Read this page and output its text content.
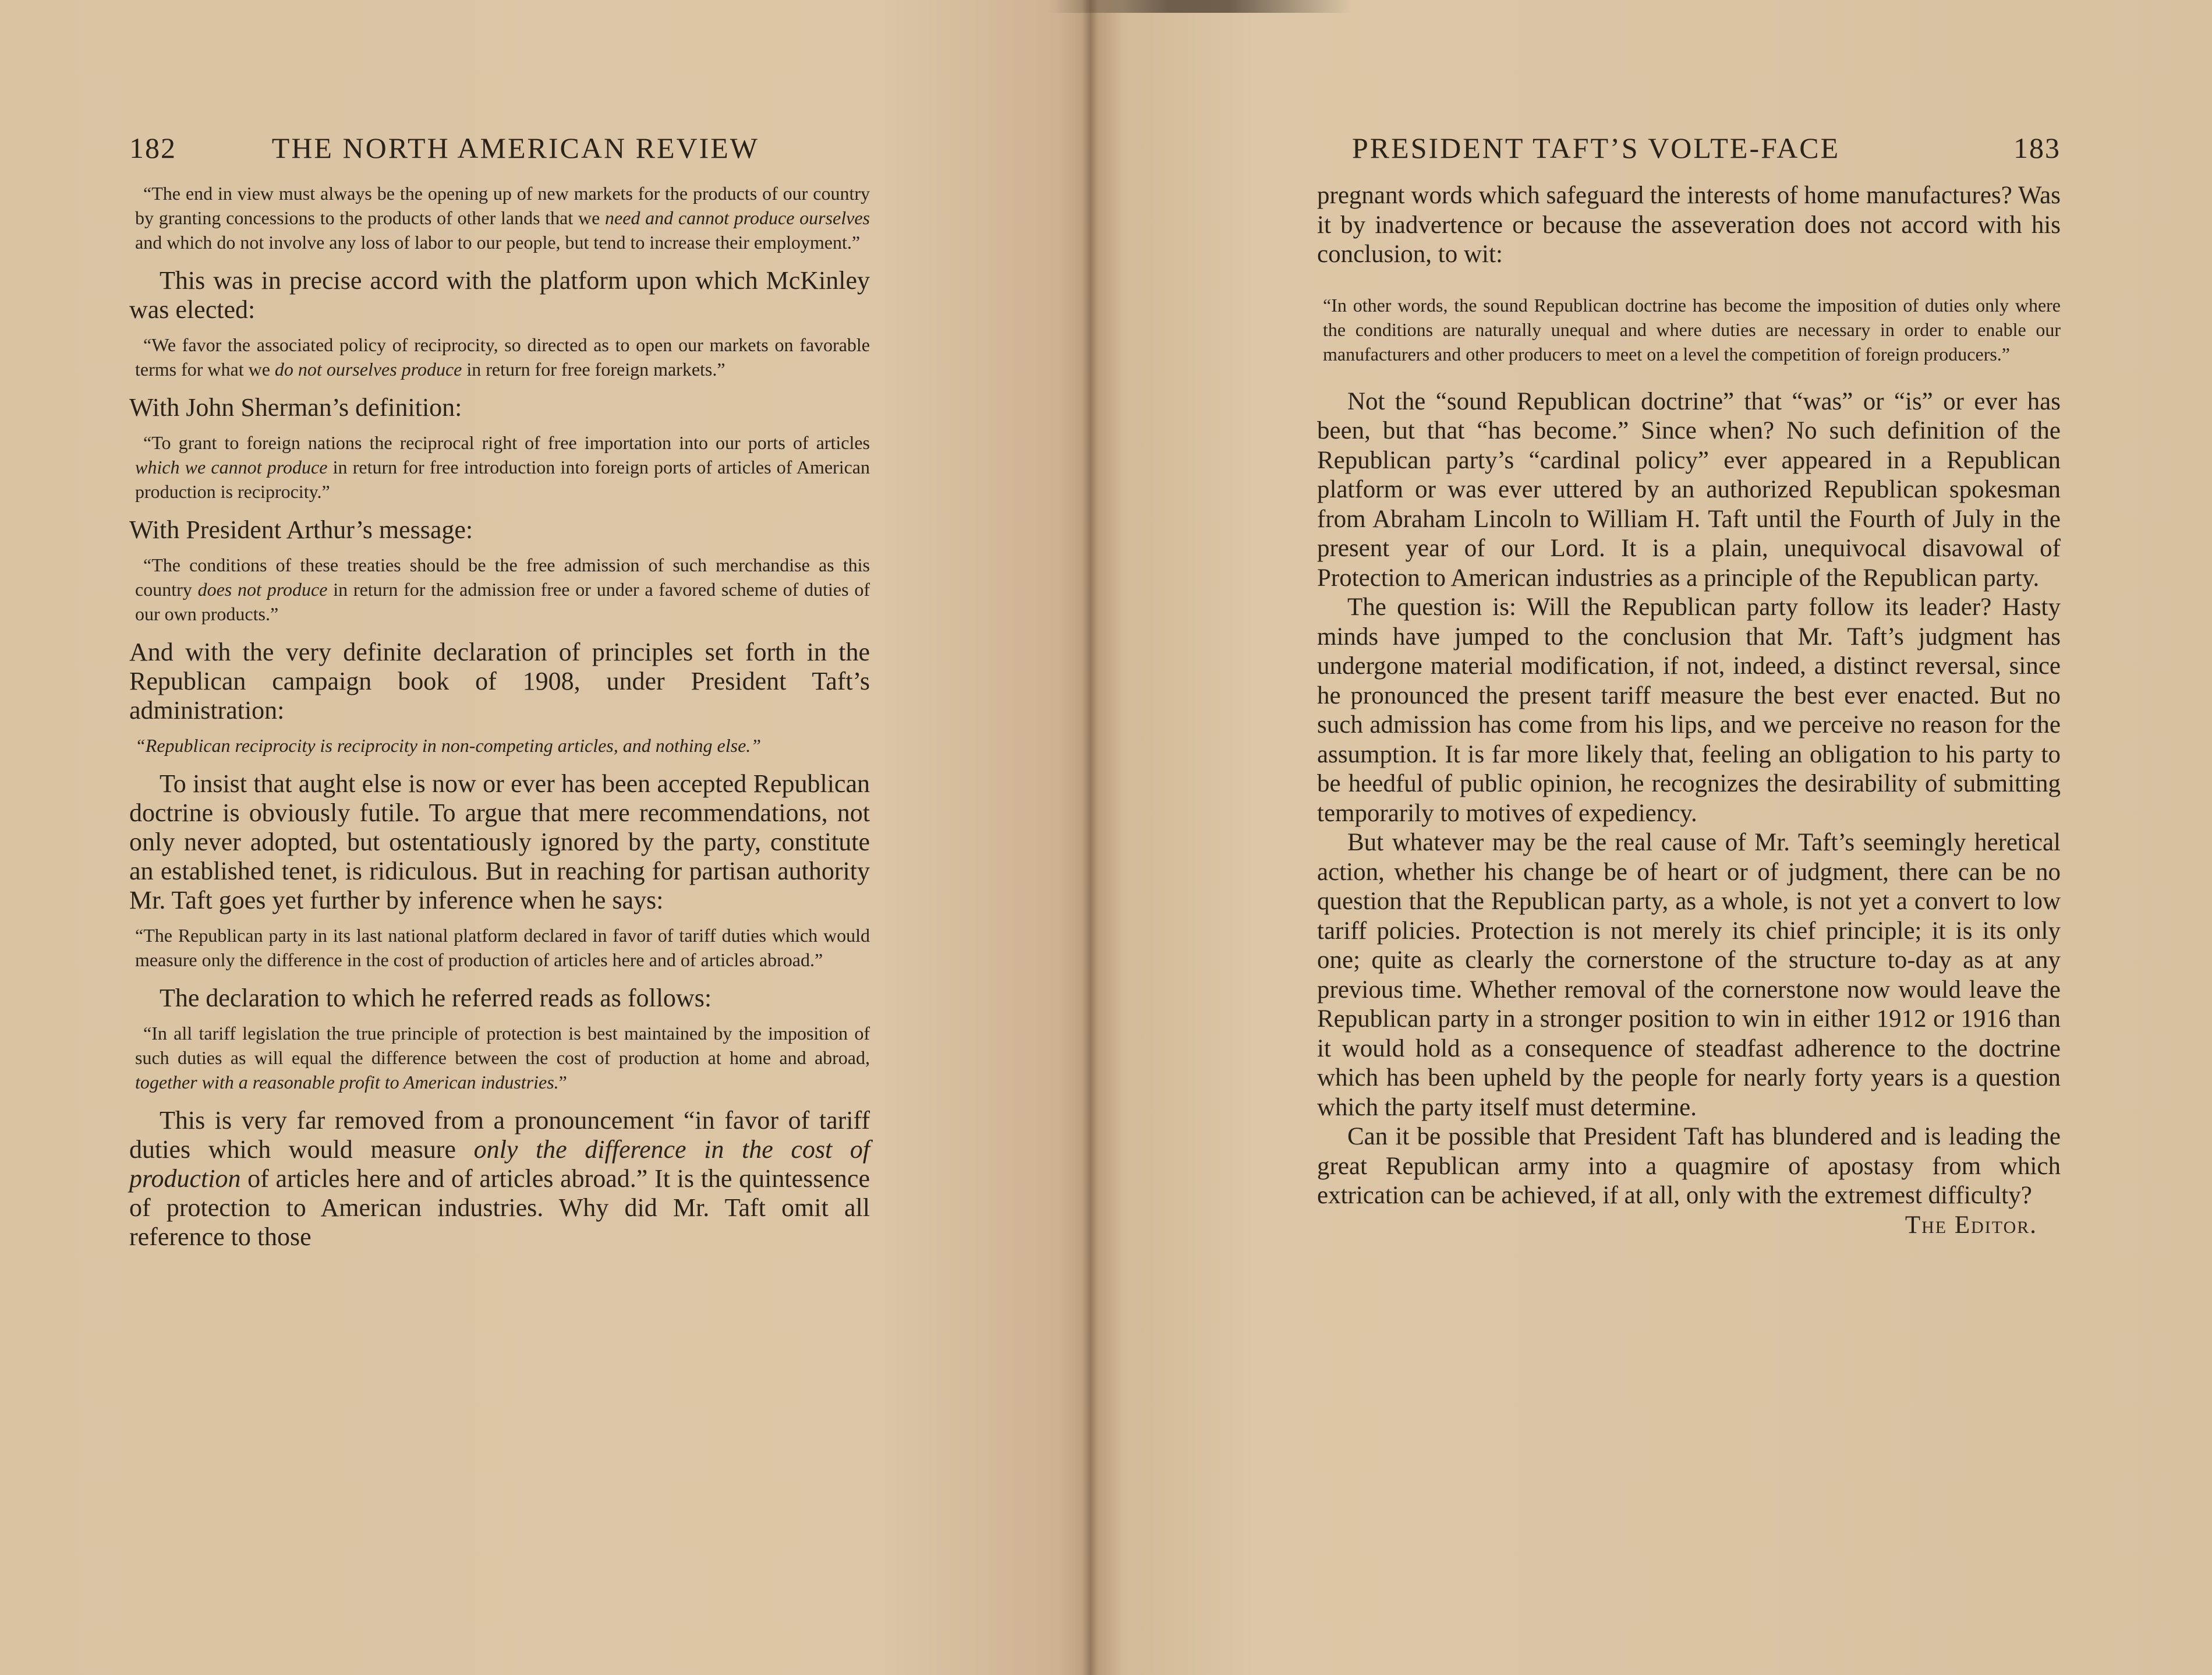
182	THE NORTH AMERICAN REVIEW

“The end in view must always be the opening up of new markets for the products of our country by granting concessions to the products of other lands that we need and cannot produce ourselves and which do not involve any loss of labor to our people, but tend to increase their employment.”

This was in precise accord with the platform upon which McKinley was elected:

“We favor the associated policy of reciprocity, so directed as to open our markets on favorable terms for what we do not ourselves produce in return for free foreign markets.”

With John Sherman’s definition:

“To grant to foreign nations the reciprocal right of free importation into our ports of articles which we cannot produce in return for free introduction into foreign ports of articles of American production is reciprocity.”

With President Arthur’s message:

“The conditions of these treaties should be the free admission of such merchandise as this country does not produce in return for the admission free or under a favored scheme of duties of our own products.”

And with the very definite declaration of principles set forth in the Republican campaign book of 1908, under President Taft’s administration:

“Republican reciprocity is reciprocity in non-competing articles, and nothing else.”

To insist that aught else is now or ever has been accepted Republican doctrine is obviously futile. To argue that mere recommendations, not only never adopted, but ostentatiously ignored by the party, constitute an established tenet, is ridiculous. But in reaching for partisan authority Mr. Taft goes yet further by inference when he says:

“The Republican party in its last national platform declared in favor of tariff duties which would measure only the difference in the cost of production of articles here and of articles abroad.”

The declaration to which he referred reads as follows:

“In all tariff legislation the true principle of protection is best maintained by the imposition of such duties as will equal the difference between the cost of production at home and abroad, together with a reasonable profit to American industries.”

This is very far removed from a pronouncement “in favor of tariff duties which would measure only the difference in the cost of production of articles here and of articles abroad.” It is the quintessence of protection to American industries. Why did Mr. Taft omit all reference to those

PRESIDENT TAFT’S VOLTE-FACE	183

pregnant words which safeguard the interests of home manufactures? Was it by inadvertence or because the asseveration does not accord with his conclusion, to wit:

“In other words, the sound Republican doctrine has become the imposition of duties only where the conditions are naturally unequal and where duties are necessary in order to enable our manufacturers and other producers to meet on a level the competition of foreign producers.”

Not the “sound Republican doctrine” that “was” or “is” or ever has been, but that “has become.” Since when? No such definition of the Republican party’s “cardinal policy” ever appeared in a Republican platform or was ever uttered by an authorized Republican spokesman from Abraham Lincoln to William H. Taft until the Fourth of July in the present year of our Lord. It is a plain, unequivocal disavowal of Protection to American industries as a principle of the Republican party.

The question is: Will the Republican party follow its leader? Hasty minds have jumped to the conclusion that Mr. Taft’s judgment has undergone material modification, if not, indeed, a distinct reversal, since he pronounced the present tariff measure the best ever enacted. But no such admission has come from his lips, and we perceive no reason for the assumption. It is far more likely that, feeling an obligation to his party to be heedful of public opinion, he recognizes the desirability of submitting temporarily to motives of expediency.

But whatever may be the real cause of Mr. Taft’s seemingly heretical action, whether his change be of heart or of judgment, there can be no question that the Republican party, as a whole, is not yet a convert to low tariff policies. Protection is not merely its chief principle; it is its only one; quite as clearly the cornerstone of the structure to-day as at any previous time. Whether removal of the cornerstone now would leave the Republican party in a stronger position to win in either 1912 or 1916 than it would hold as a consequence of steadfast adherence to the doctrine which has been upheld by the people for nearly forty years is a question which the party itself must determine.

Can it be possible that President Taft has blundered and is leading the great Republican army into a quagmire of apostasy from which extrication can be achieved, if at all, only with the extremest difficulty?
The Editor.
